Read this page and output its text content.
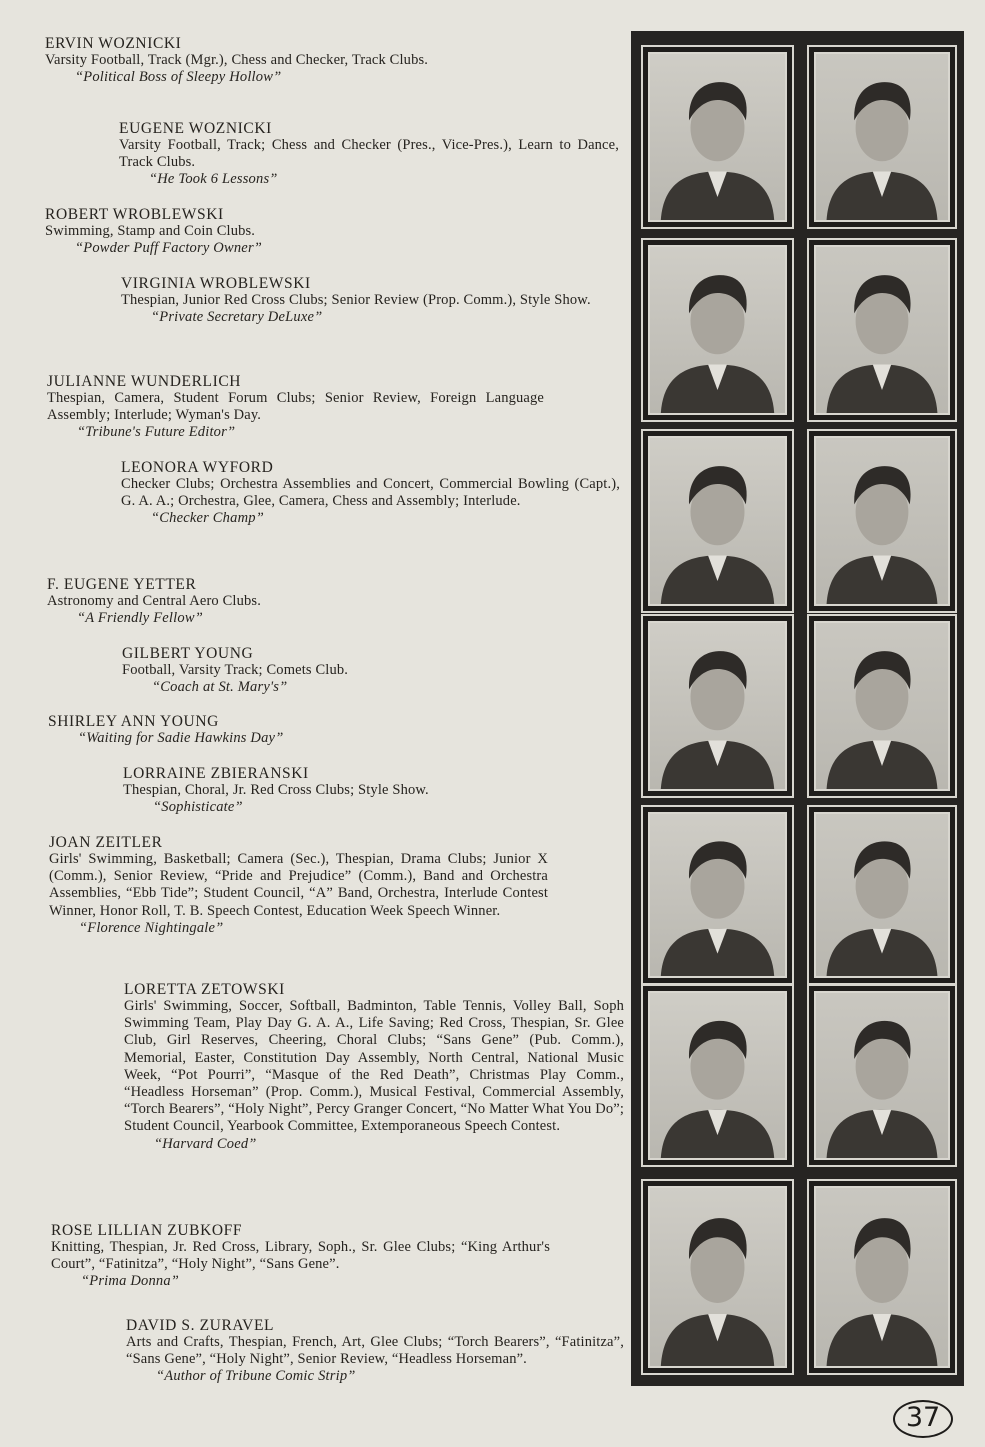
ERVIN WOZNICKI
Varsity Football, Track (Mgr.), Chess and Checker, Track Clubs.
“Political Boss of Sleepy Hollow”
EUGENE WOZNICKI
Varsity Football, Track; Chess and Checker (Pres., Vice-Pres.), Learn to Dance, Track Clubs.
“He Took 6 Lessons”
ROBERT WROBLEWSKI
Swimming, Stamp and Coin Clubs.
“Powder Puff Factory Owner”
VIRGINIA WROBLEWSKI
Thespian, Junior Red Cross Clubs; Senior Review (Prop. Comm.), Style Show.
“Private Secretary DeLuxe”
JULIANNE WUNDERLICH
Thespian, Camera, Student Forum Clubs; Senior Review, Foreign Language Assembly; Interlude; Wyman's Day.
“Tribune's Future Editor”
LEONORA WYFORD
Checker Clubs; Orchestra Assemblies and Concert, Commercial Bowling (Capt.), G. A. A.; Orchestra, Glee, Camera, Chess and Assembly; Interlude.
“Checker Champ”
F. EUGENE YETTER
Astronomy and Central Aero Clubs.
“A Friendly Fellow”
GILBERT YOUNG
Football, Varsity Track; Comets Club.
“Coach at St. Mary's”
SHIRLEY ANN YOUNG
“Waiting for Sadie Hawkins Day”
LORRAINE ZBIERANSKI
Thespian, Choral, Jr. Red Cross Clubs; Style Show.
“Sophisticate”
JOAN ZEITLER
Girls' Swimming, Basketball; Camera (Sec.), Thespian, Drama Clubs; Junior X (Comm.), Senior Review, “Pride and Prejudice” (Comm.), Band and Orchestra Assemblies, “Ebb Tide”; Student Council, “A” Band, Orchestra, Interlude Contest Winner, Honor Roll, T. B. Speech Contest, Education Week Speech Winner.
“Florence Nightingale”
LORETTA ZETOWSKI
Girls' Swimming, Soccer, Softball, Badminton, Table Tennis, Volley Ball, Soph Swimming Team, Play Day G. A. A., Life Saving; Red Cross, Thespian, Sr. Glee Club, Girl Reserves, Cheering, Choral Clubs; “Sans Gene” (Pub. Comm.), Memorial, Easter, Constitution Day Assembly, North Central, National Music Week, “Pot Pourri”, “Masque of the Red Death”, Christmas Play Comm., “Headless Horseman” (Prop. Comm.), Musical Festival, Commercial Assembly, “Torch Bearers”, “Holy Night”, Percy Granger Concert, “No Matter What You Do”; Student Council, Yearbook Committee, Extemporaneous Speech Contest.
“Harvard Coed”
ROSE LILLIAN ZUBKOFF
Knitting, Thespian, Jr. Red Cross, Library, Soph., Sr. Glee Clubs; “King Arthur's Court”, “Fatinitza”, “Holy Night”, “Sans Gene”.
“Prima Donna”
DAVID S. ZURAVEL
Arts and Crafts, Thespian, French, Art, Glee Clubs; “Torch Bearers”, “Fatinitza”, “Sans Gene”, “Holy Night”, Senior Review, “Headless Horseman”.
“Author of Tribune Comic Strip”
37
